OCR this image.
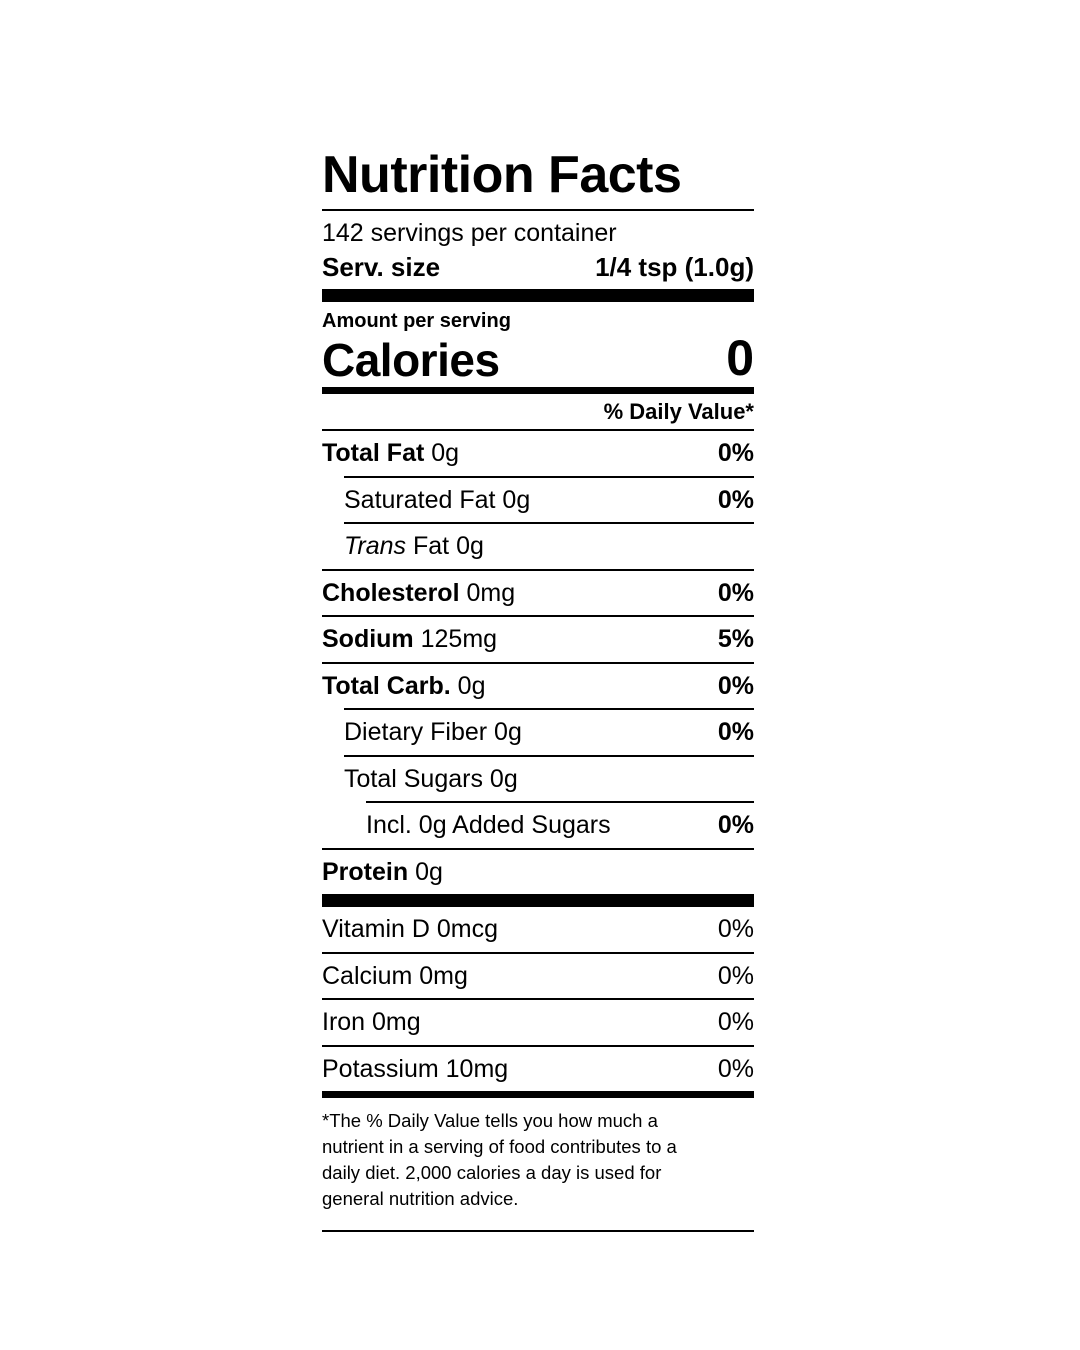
Nutrition Facts
142 servings per container
Serv. size	1/4 tsp (1.0g)
Amount per serving
Calories	0
% Daily Value*
Total Fat 0g	0%
Saturated Fat 0g	0%
Trans Fat 0g
Cholesterol 0mg	0%
Sodium 125mg	5%
Total Carb. 0g	0%
Dietary Fiber 0g	0%
Total Sugars 0g
Incl. 0g Added Sugars	0%
Protein 0g
Vitamin D 0mcg	0%
Calcium 0mg	0%
Iron 0mg	0%
Potassium 10mg	0%
*The % Daily Value tells you how much a nutrient in a serving of food contributes to a daily diet. 2,000 calories a day is used for general nutrition advice.
